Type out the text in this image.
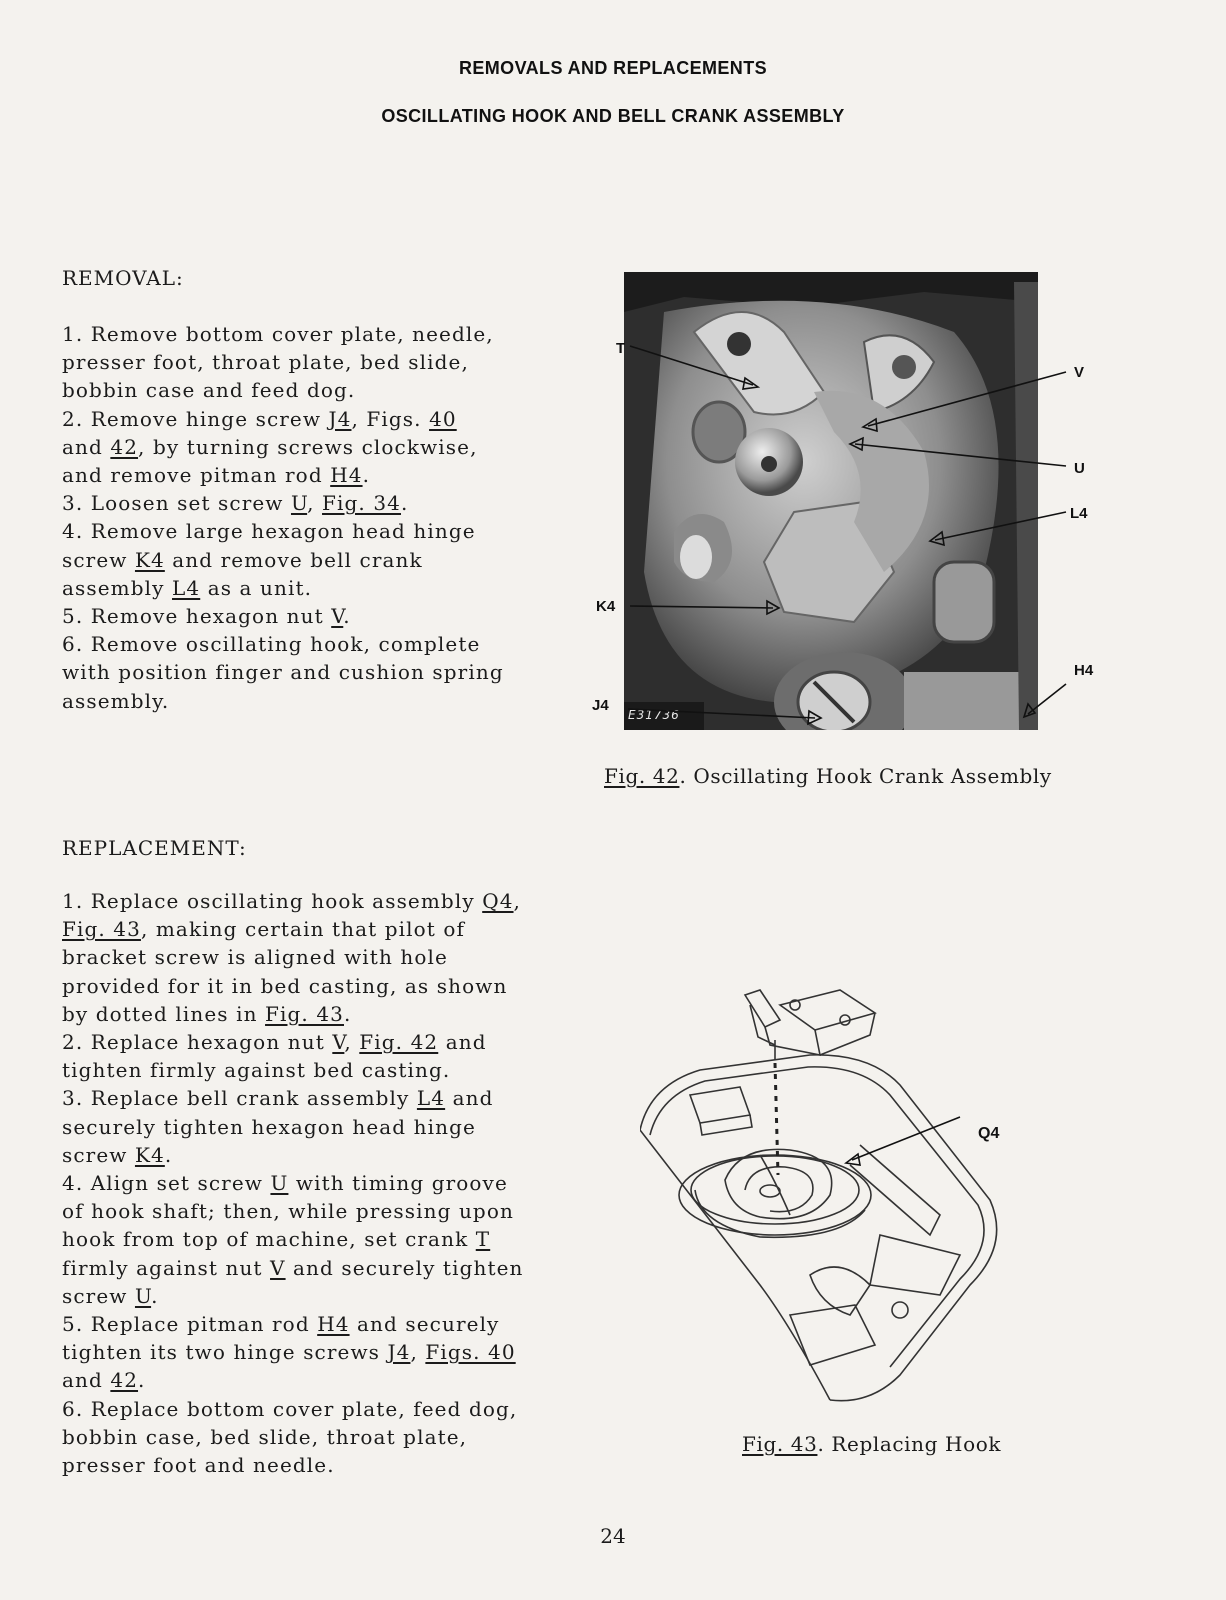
REMOVALS AND REPLACEMENTS
OSCILLATING HOOK AND BELL CRANK ASSEMBLY
REMOVAL:

1. Remove bottom cover plate, needle,

presser foot, throat plate, bed slide,

bobbin case and feed dog.

2. Remove hinge screw J4, Figs. 40

and 42, by turning screws clockwise,

and remove pitman rod H4.

3. Loosen set screw U, Fig. 34.

4. Remove large hexagon head hinge

screw K4 and remove bell crank

assembly L4 as a unit.

5. Remove hexagon nut V.

6. Remove oscillating hook, complete

with position finger and cushion spring

assembly.

E31736
T
V
U
L4
K4
H4
J4
Fig. 42. Oscillating Hook Crank Assembly
REPLACEMENT:

1. Replace oscillating hook assembly Q4,

Fig. 43, making certain that pilot of

bracket screw is aligned with hole

provided for it in bed casting, as shown

by dotted lines in Fig. 43.

2. Replace hexagon nut V, Fig. 42 and

tighten firmly against bed casting.

3. Replace bell crank assembly L4 and

securely tighten hexagon head hinge

screw K4.

4. Align set screw U with timing groove

of hook shaft; then, while pressing upon

hook from top of machine, set crank T

firmly against nut V and securely tighten

screw U.

5. Replace pitman rod H4 and securely

tighten its two hinge screws J4, Figs. 40

and 42.

6. Replace bottom cover plate, feed dog,

bobbin case, bed slide, throat plate,

presser foot and needle.

Q4
Fig. 43. Replacing Hook
24
